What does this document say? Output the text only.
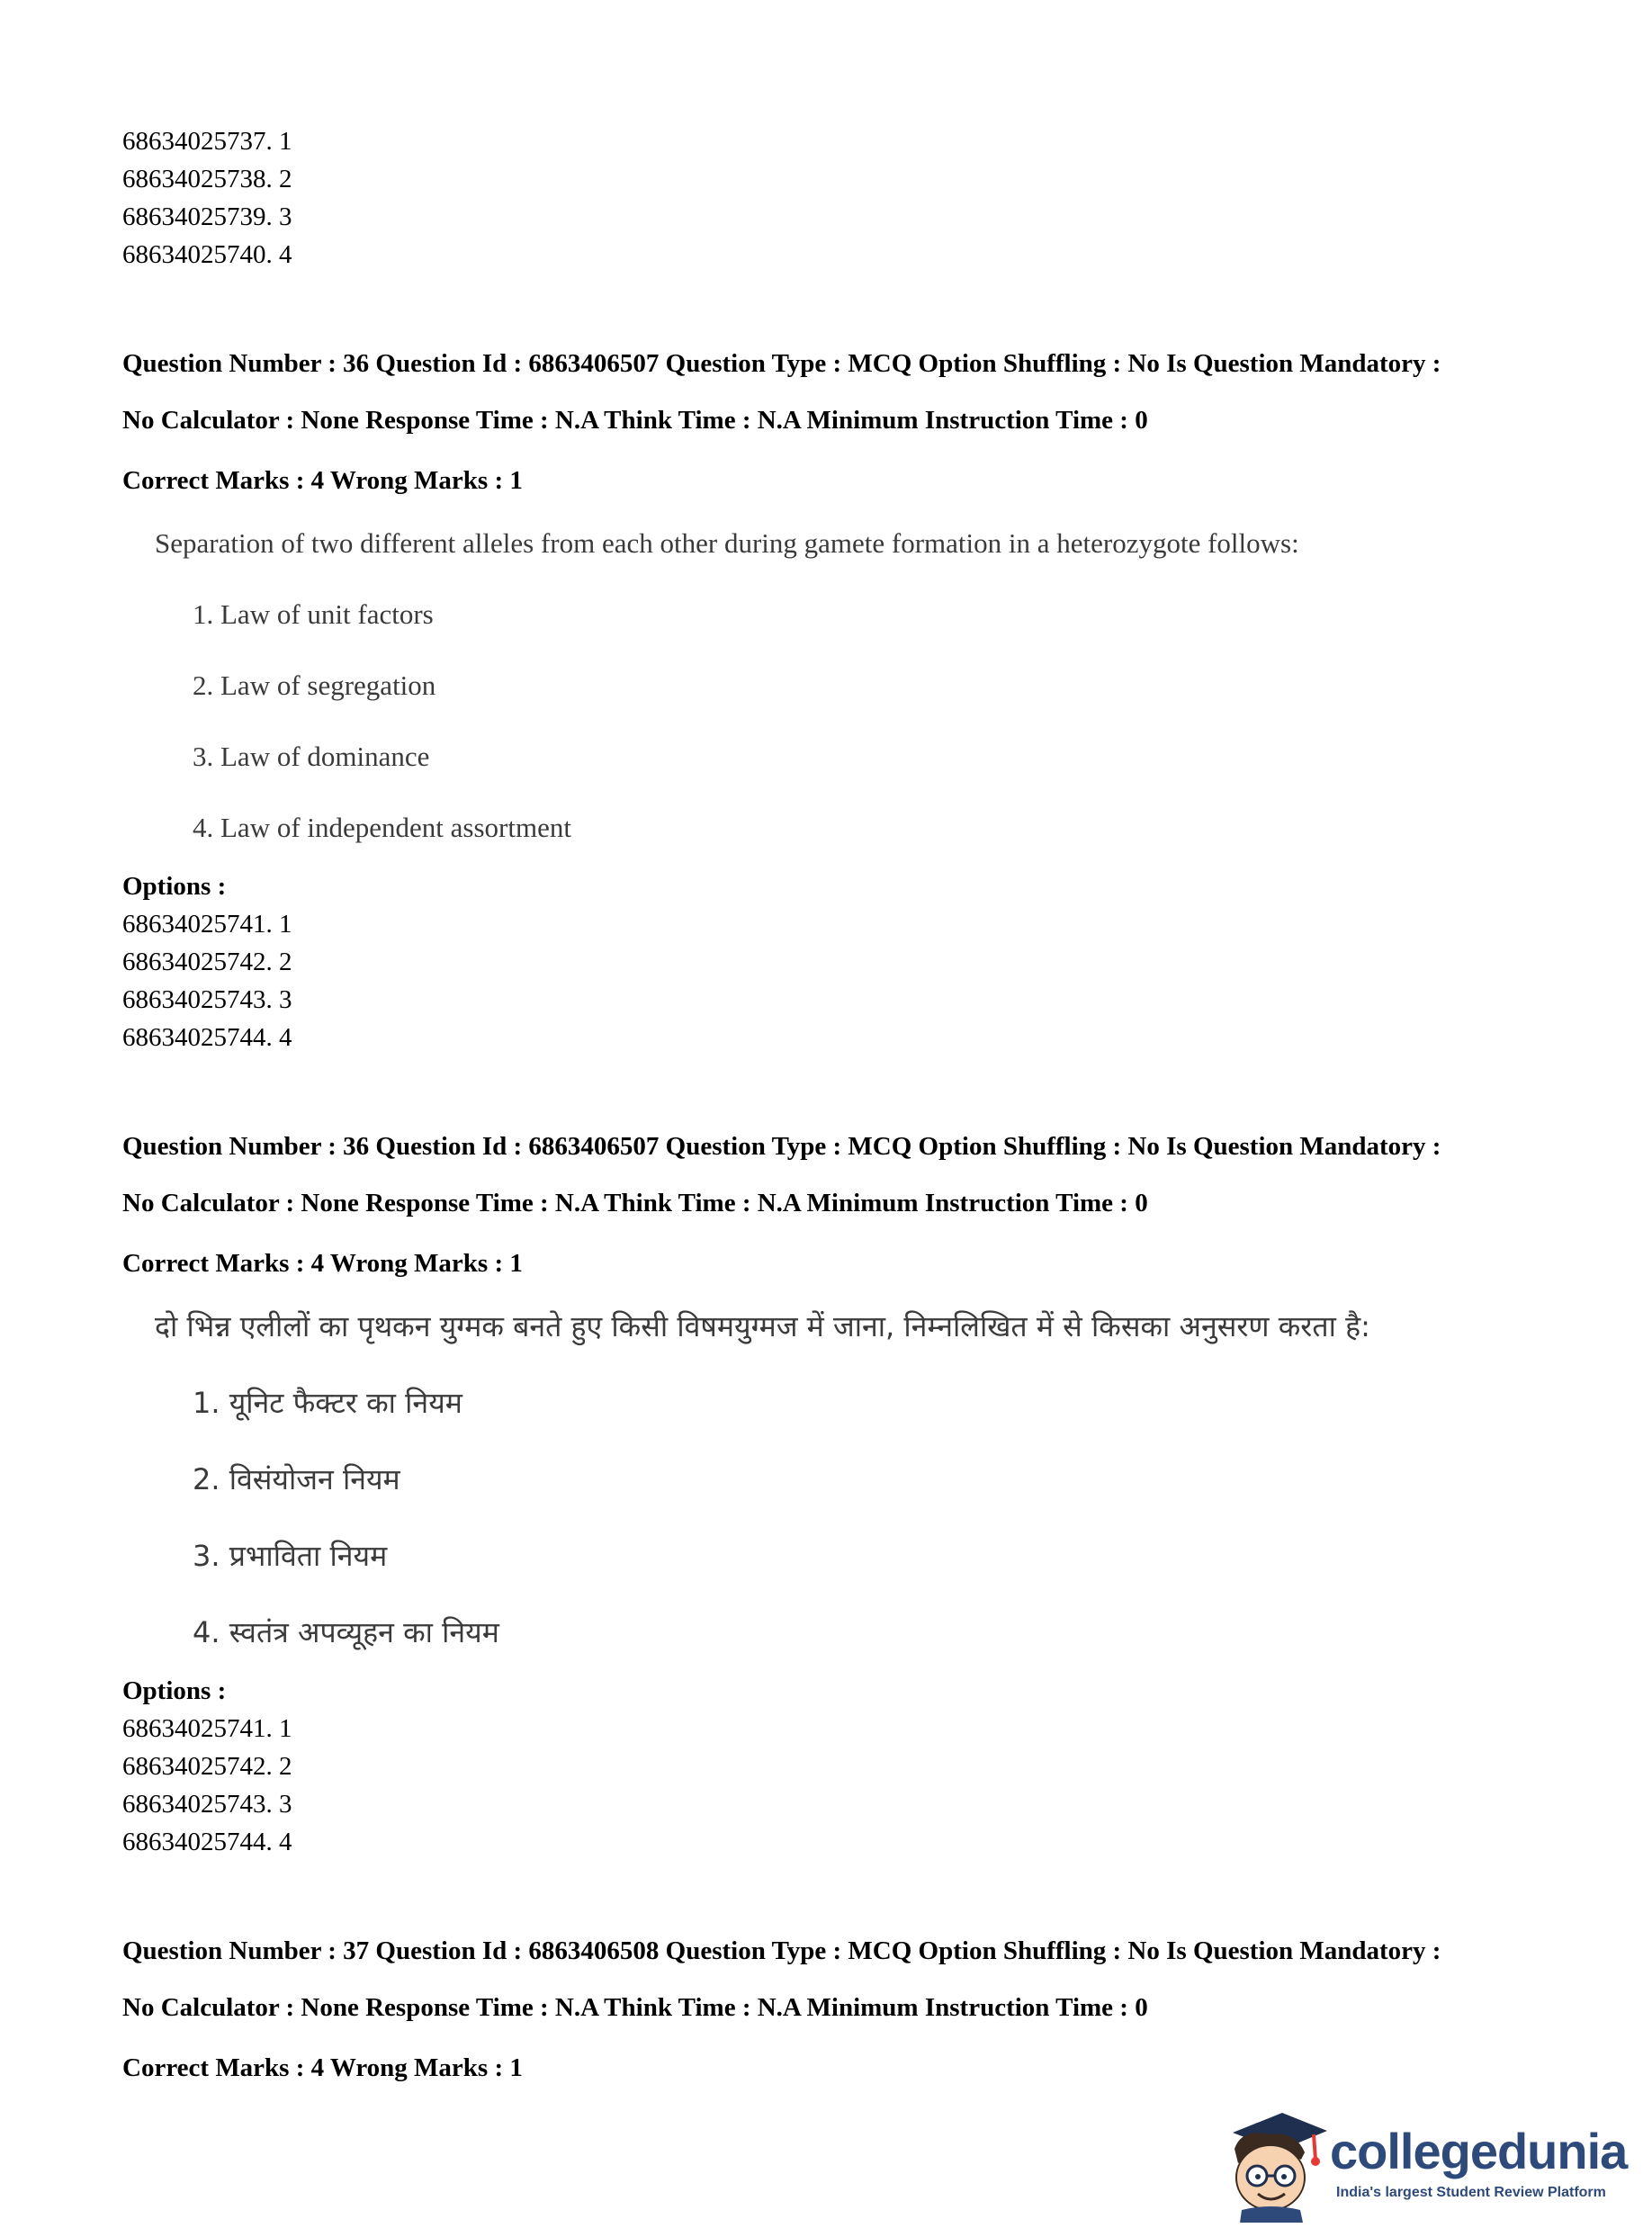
68634025737. 1

68634025738. 2

68634025739. 3

68634025740. 4

Question Number : 36 Question Id : 6863406507 Question Type : MCQ Option Shuffling : No Is Question Mandatory :

No Calculator : None Response Time : N.A Think Time : N.A Minimum Instruction Time : 0

Correct Marks : 4 Wrong Marks : 1

Separation of two different alleles from each other during gamete formation in a heterozygote follows:
1. Law of unit factors
2. Law of segregation
3. Law of dominance
4. Law of independent assortment

Options :

68634025741. 1

68634025742. 2

68634025743. 3

68634025744. 4

Question Number : 36 Question Id : 6863406507 Question Type : MCQ Option Shuffling : No Is Question Mandatory :

No Calculator : None Response Time : N.A Think Time : N.A Minimum Instruction Time : 0

Correct Marks : 4 Wrong Marks : 1

दो भिन्न एलीलों का पृथकन युग्मक बनते हुए किसी विषमयुग्मज में जाना, निम्नलिखित में से किसका अनुसरण करता है:
1. यूनिट फैक्टर का नियम
2. विसंयोजन नियम
3. प्रभाविता नियम
4. स्वतंत्र अपव्यूहन का नियम

Options :

68634025741. 1

68634025742. 2

68634025743. 3

68634025744. 4

Question Number : 37 Question Id : 6863406508 Question Type : MCQ Option Shuffling : No Is Question Mandatory :

No Calculator : None Response Time : N.A Think Time : N.A Minimum Instruction Time : 0

Correct Marks : 4 Wrong Marks : 1

collegedunia
India's largest Student Review Platform
